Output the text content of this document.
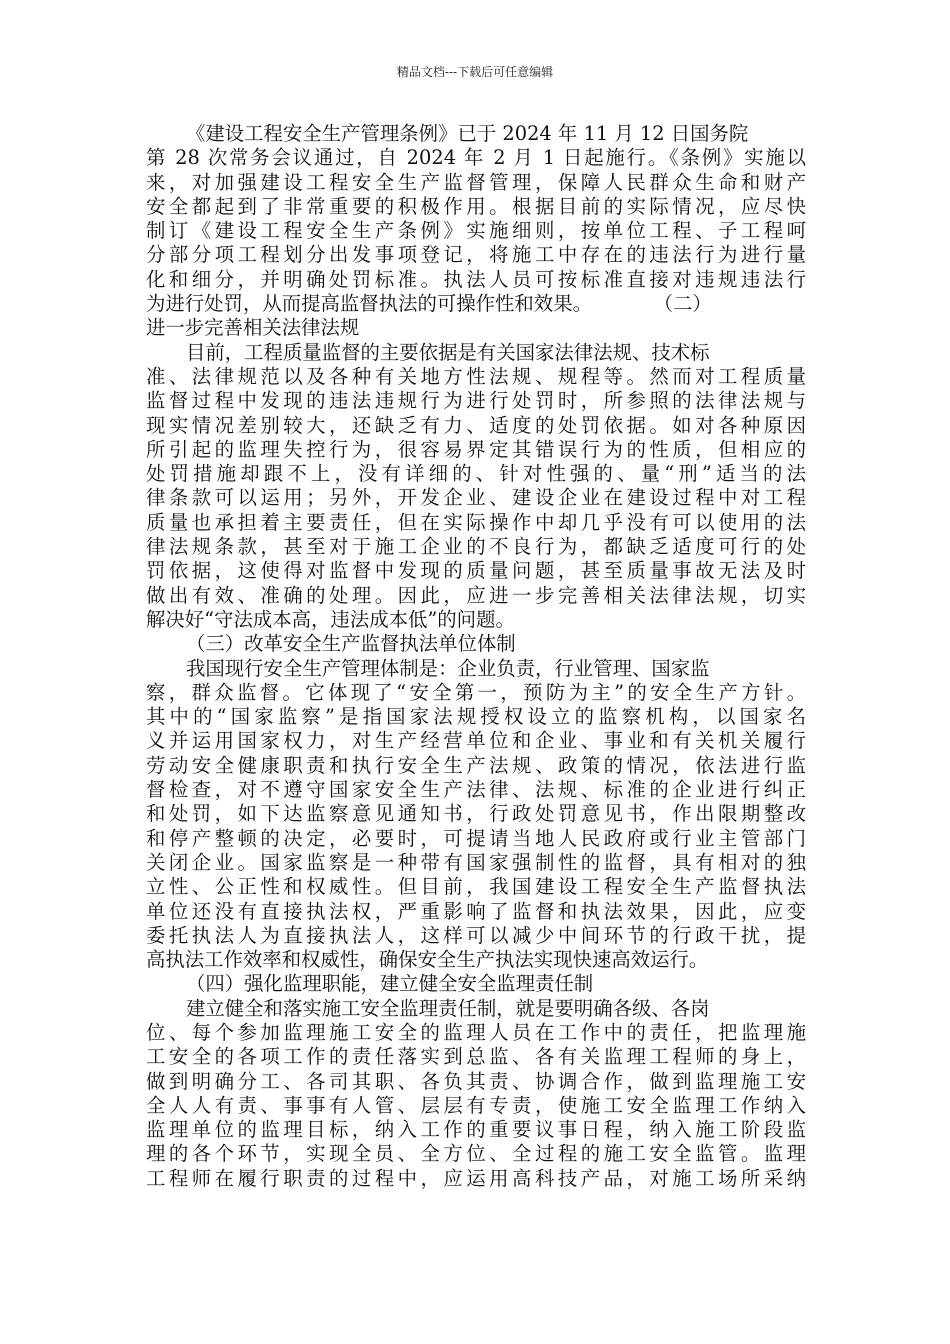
精品文档---下载后可任意编辑
《建设工程安全生产管理条例》已于 2024 年 11 月 12 日国务院
第 28 次常务会议通过，自 2024 年 2 月 1 日起施行。《条例》实施以
来，对加强建设工程安全生产监督管理，保障人民群众生命和财产
安全都起到了非常重要的积极作用。根据目前的实际情况，应尽快
制订《建设工程安全生产条例》实施细则，按单位工程、子工程呵
分部分项工程划分出发事项登记，将施工中存在的违法行为进行量
化和细分，并明确处罚标准。执法人员可按标准直接对违规违法行
为进行处罚，从而提高监督执法的可操作性和效果。          （二）
进一步完善相关法律法规
目前，工程质量监督的主要依据是有关国家法律法规、技术标
准、法律规范以及各种有关地方性法规、规程等。然而对工程质量
监督过程中发现的违法违规行为进行处罚时，所参照的法律法规与
现实情况差别较大，还缺乏有力、适度的处罚依据。如对各种原因
所引起的监理失控行为，很容易界定其错误行为的性质，但相应的
处罚措施却跟不上，没有详细的、针对性强的、量“刑”适当的法
律条款可以运用；另外，开发企业、建设企业在建设过程中对工程
质量也承担着主要责任，但在实际操作中却几乎没有可以使用的法
律法规条款，甚至对于施工企业的不良行为，都缺乏适度可行的处
罚依据，这使得对监督中发现的质量问题，甚至质量事故无法及时
做出有效、准确的处理。因此，应进一步完善相关法律法规，切实
解决好“守法成本高，违法成本低”的问题。
（三）改革安全生产监督执法单位体制
我国现行安全生产管理体制是：企业负责，行业管理、国家监
察，群众监督。它体现了“安全第一，预防为主”的安全生产方针。
其中的“国家监察”是指国家法规授权设立的监察机构，以国家名
义并运用国家权力，对生产经营单位和企业、事业和有关机关履行
劳动安全健康职责和执行安全生产法规、政策的情况，依法进行监
督检查，对不遵守国家安全生产法律、法规、标准的企业进行纠正
和处罚，如下达监察意见通知书，行政处罚意见书，作出限期整改
和停产整顿的决定，必要时，可提请当地人民政府或行业主管部门
关闭企业。国家监察是一种带有国家强制性的监督，具有相对的独
立性、公正性和权威性。但目前，我国建设工程安全生产监督执法
单位还没有直接执法权，严重影响了监督和执法效果，因此，应变
委托执法人为直接执法人，这样可以减少中间环节的行政干扰，提
高执法工作效率和权威性，确保安全生产执法实现快速高效运行。
（四）强化监理职能，建立健全安全监理责任制
建立健全和落实施工安全监理责任制，就是要明确各级、各岗
位、每个参加监理施工安全的监理人员在工作中的责任，把监理施
工安全的各项工作的责任落实到总监、各有关监理工程师的身上，
做到明确分工、各司其职、各负其责、协调合作，做到监理施工安
全人人有责、事事有人管、层层有专责，使施工安全监理工作纳入
监理单位的监理目标，纳入工作的重要议事日程，纳入施工阶段监
理的各个环节，实现全员、全方位、全过程的施工安全监管。监理
工程师在履行职责的过程中，应运用高科技产品，对施工场所采纳
